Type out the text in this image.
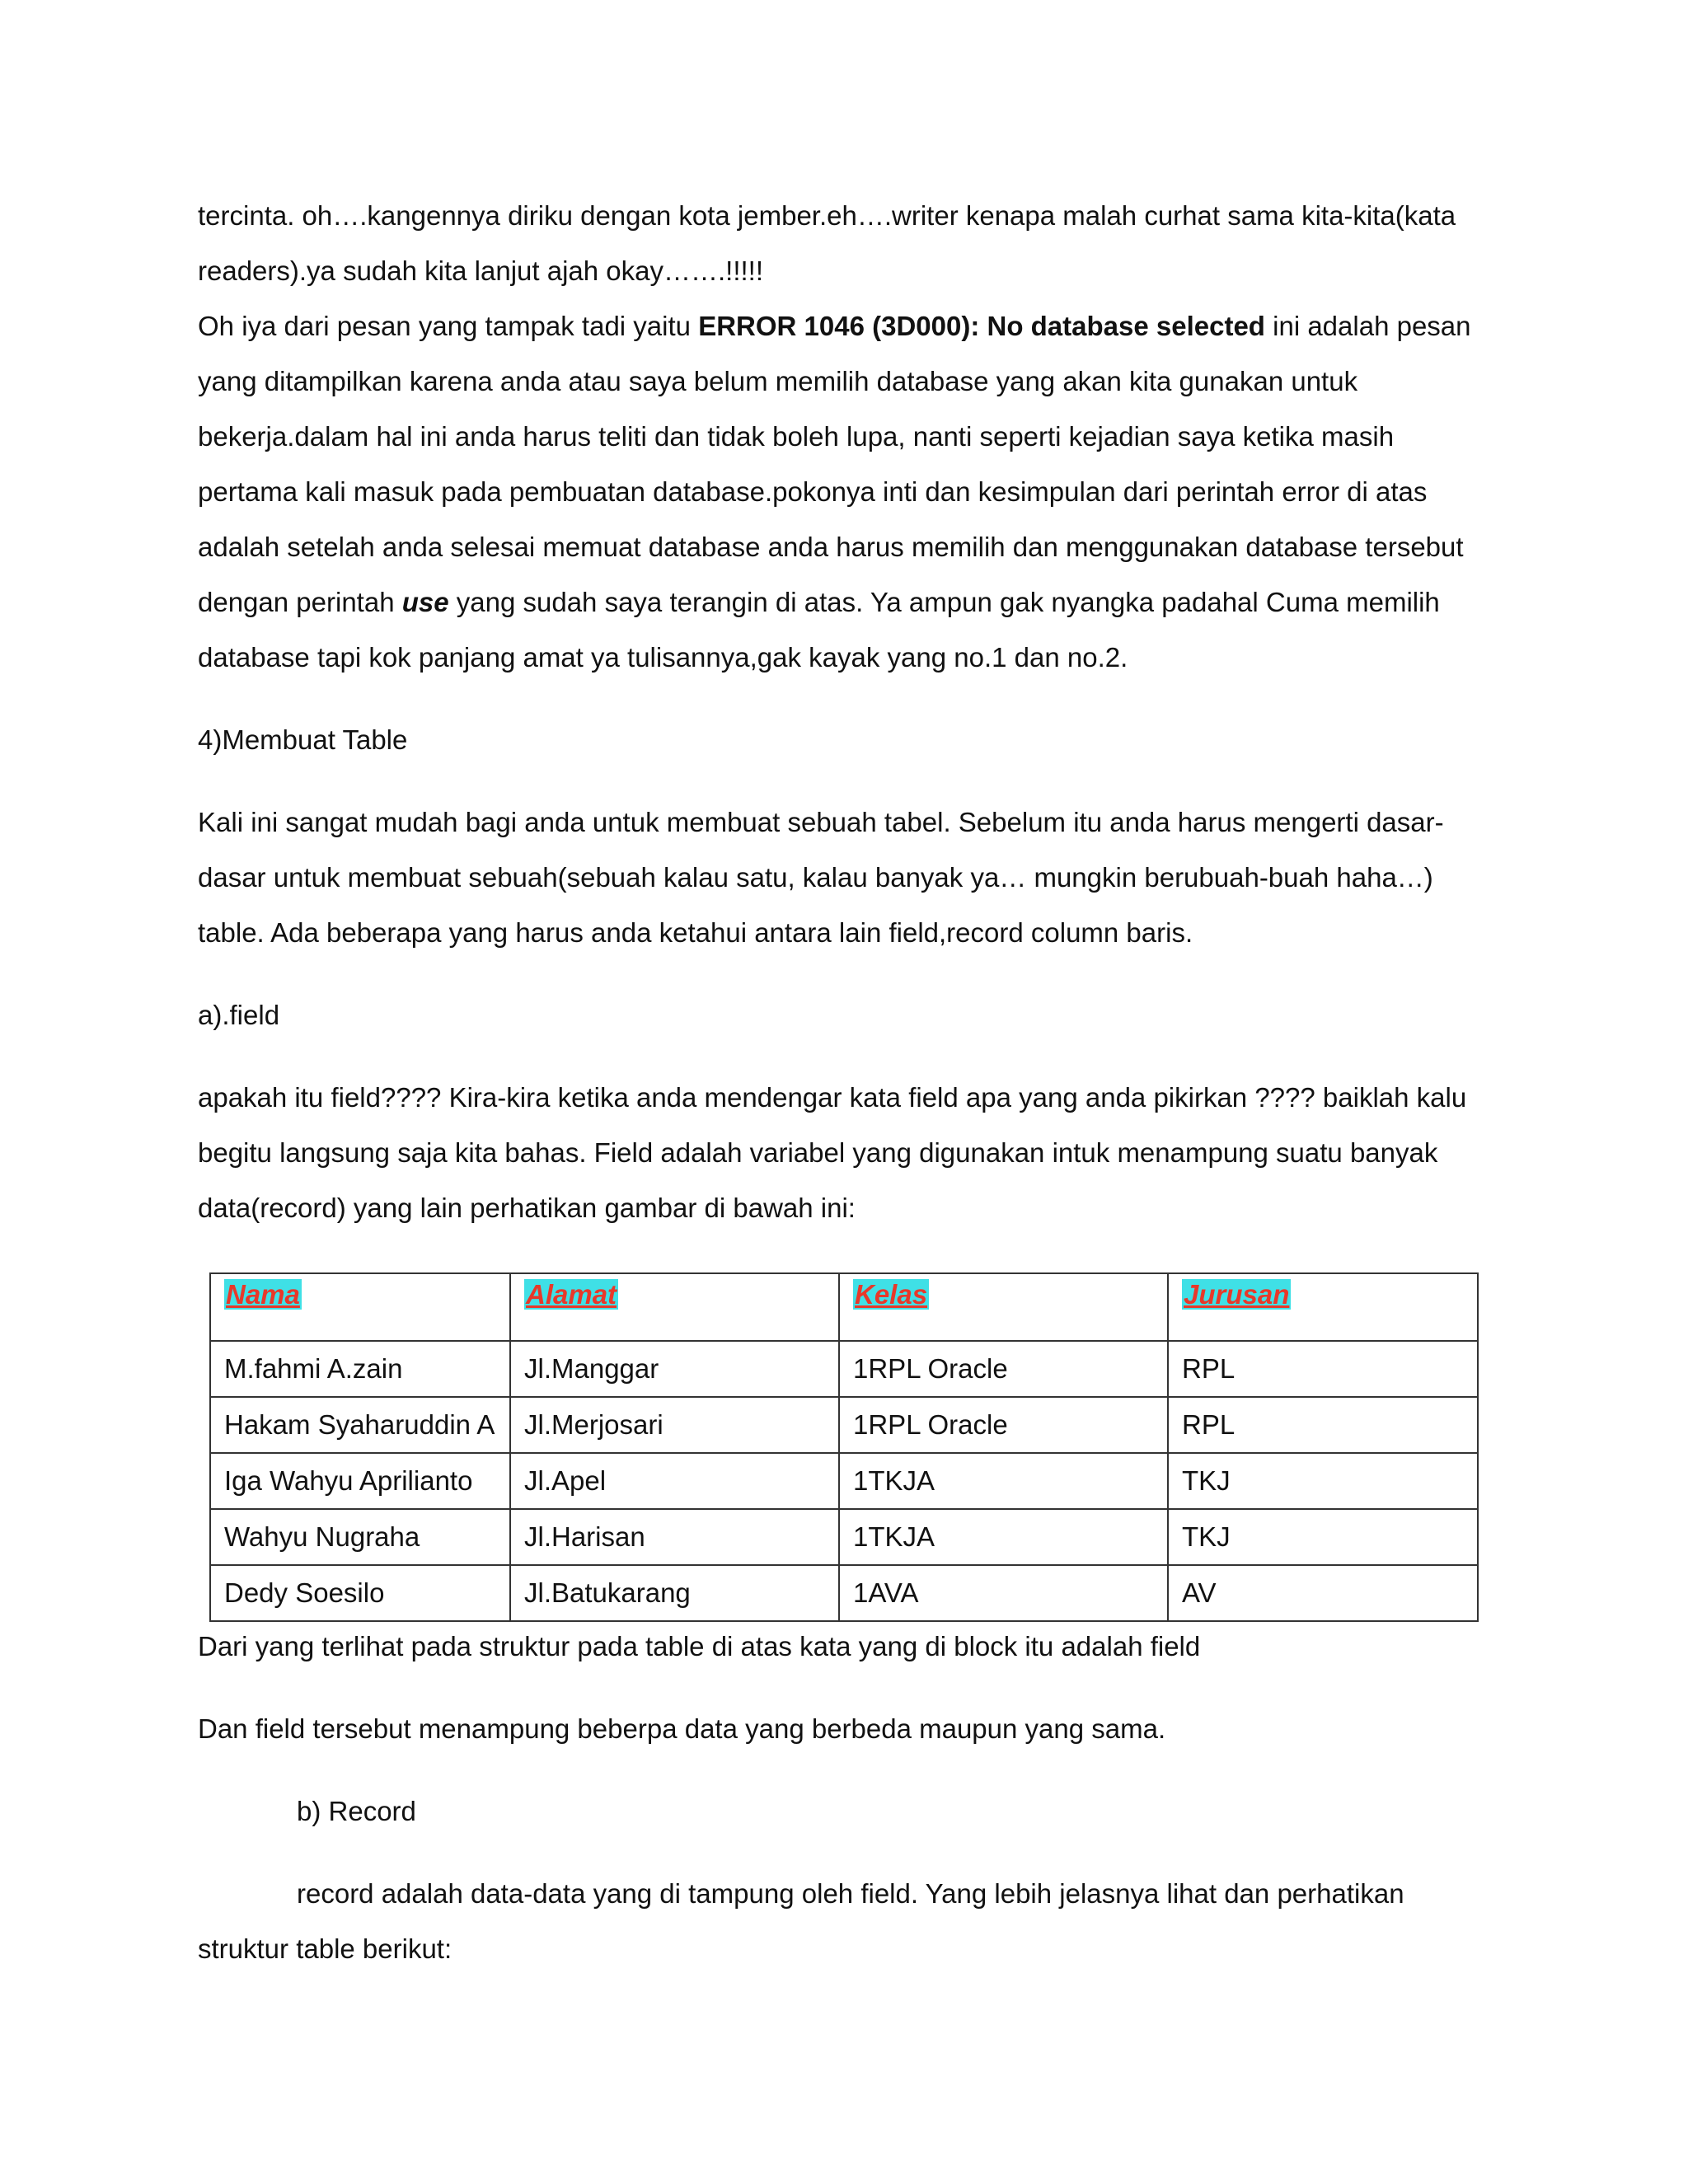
tercinta. oh….kangennya diriku dengan kota jember.eh….writer kenapa malah curhat sama kita-kita(kata
readers).ya sudah kita lanjut ajah okay…….!!!!!

Oh iya dari pesan yang tampak tadi yaitu ERROR 1046 (3D000): No database selected ini adalah pesan
yang ditampilkan karena anda atau saya belum memilih database yang akan kita gunakan untuk
bekerja.dalam hal ini anda harus teliti dan tidak boleh lupa, nanti seperti kejadian saya ketika masih
pertama kali masuk pada pembuatan database.pokonya inti dan kesimpulan dari perintah error di atas
adalah setelah anda selesai memuat database anda harus memilih dan menggunakan database tersebut
dengan perintah use yang sudah saya terangin di atas. Ya ampun gak nyangka padahal Cuma memilih
database tapi kok panjang amat ya tulisannya,gak kayak yang no.1 dan no.2.

4)Membuat Table

Kali ini sangat mudah bagi anda untuk membuat sebuah tabel. Sebelum itu anda harus mengerti dasar-
dasar untuk membuat sebuah(sebuah kalau satu, kalau banyak ya… mungkin berubuah-buah haha…)
table. Ada beberapa yang harus anda ketahui antara lain field,record column baris.

a).field

apakah itu field???? Kira-kira ketika anda mendengar kata field apa yang anda pikirkan ???? baiklah kalu
begitu langsung saja kita bahas. Field adalah variabel yang digunakan intuk menampung suatu banyak
data(record) yang lain perhatikan gambar di bawah ini:

Nama	Alamat	Kelas	Jurusan
M.fahmi A.zain	Jl.Manggar	1RPL Oracle	RPL
Hakam Syaharuddin A	Jl.Merjosari	1RPL Oracle	RPL
Iga Wahyu Aprilianto	Jl.Apel	1TKJA	TKJ
Wahyu Nugraha	Jl.Harisan	1TKJA	TKJ
Dedy Soesilo	Jl.Batukarang	1AVA	AV

Dari yang terlihat pada struktur pada table di atas kata yang di block itu adalah field

Dan field tersebut menampung beberpa data yang berbeda maupun yang sama.

b) Record

record adalah data-data yang di tampung oleh field. Yang lebih jelasnya lihat dan perhatikan
struktur table berikut:
